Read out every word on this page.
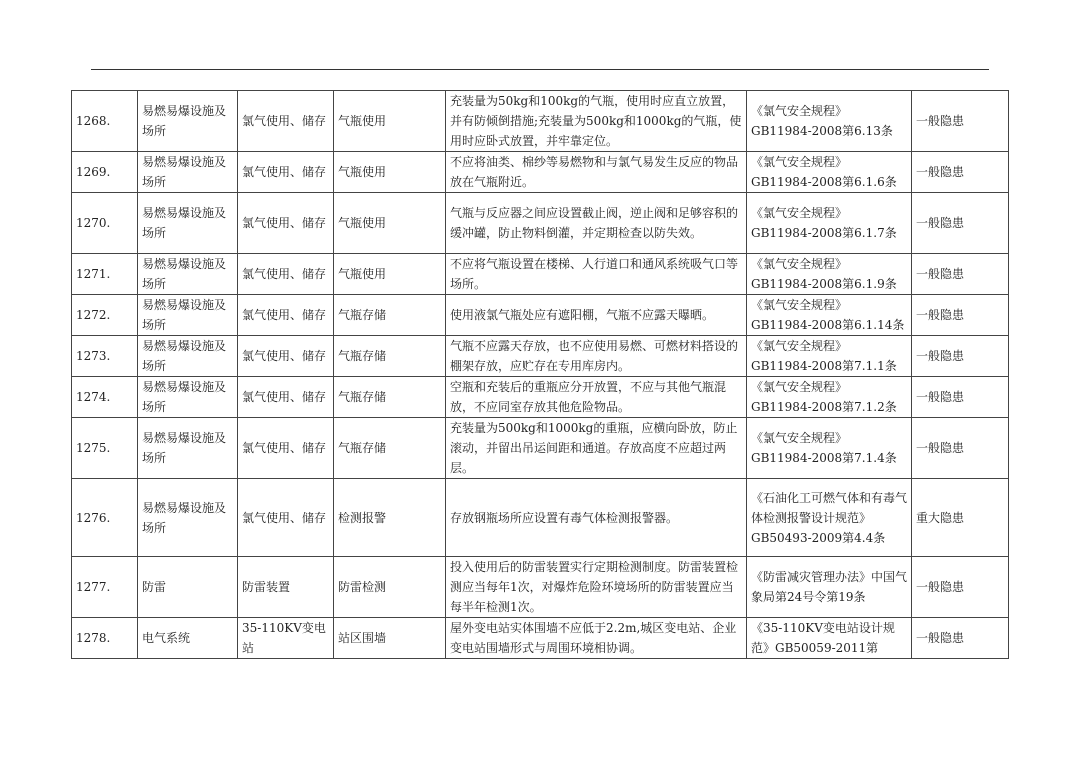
1268.	易燃易爆设施及场所	氯气使用、储存	气瓶使用	充装量为50kg和100kg的气瓶，使用时应直立放置，并有防倾倒措施;充装量为500kg和1000kg的气瓶，使用时应卧式放置，并牢靠定位。	《氯气安全规程》GB11984-2008第6.13条	一般隐患
1269.	易燃易爆设施及场所	氯气使用、储存	气瓶使用	不应将油类、棉纱等易燃物和与氯气易发生反应的物品放在气瓶附近。	《氯气安全规程》GB11984-2008第6.1.6条	一般隐患
1270.	易燃易爆设施及场所	氯气使用、储存	气瓶使用	气瓶与反应器之间应设置截止阀，逆止阀和足够容积的缓冲罐，防止物料倒灌，并定期检查以防失效。	《氯气安全规程》GB11984-2008第6.1.7条	一般隐患
1271.	易燃易爆设施及场所	氯气使用、储存	气瓶使用	不应将气瓶设置在楼梯、人行道口和通风系统吸气口等场所。	《氯气安全规程》GB11984-2008第6.1.9条	一般隐患
1272.	易燃易爆设施及场所	氯气使用、储存	气瓶存储	使用液氯气瓶处应有遮阳棚，气瓶不应露天曝晒。	《氯气安全规程》GB11984-2008第6.1.14条	一般隐患
1273.	易燃易爆设施及场所	氯气使用、储存	气瓶存储	气瓶不应露天存放，也不应使用易燃、可燃材料搭设的棚架存放，应贮存在专用库房内。	《氯气安全规程》GB11984-2008第7.1.1条	一般隐患
1274.	易燃易爆设施及场所	氯气使用、储存	气瓶存储	空瓶和充装后的重瓶应分开放置，不应与其他气瓶混放，不应同室存放其他危险物品。	《氯气安全规程》GB11984-2008第7.1.2条	一般隐患
1275.	易燃易爆设施及场所	氯气使用、储存	气瓶存储	充装量为500kg和1000kg的重瓶，应横向卧放，防止滚动，并留出吊运间距和通道。存放高度不应超过两层。	《氯气安全规程》GB11984-2008第7.1.4条	一般隐患
1276.	易燃易爆设施及场所	氯气使用、储存	检测报警	存放钢瓶场所应设置有毒气体检测报警器。	《石油化工可燃气体和有毒气体检测报警设计规范》GB50493-2009第4.4条	重大隐患
1277.	防雷	防雷装置	防雷检测	投入使用后的防雷装置实行定期检测制度。防雷装置检测应当每年1次，对爆炸危险环境场所的防雷装置应当每半年检测1次。	《防雷减灾管理办法》中国气象局第24号令第19条	一般隐患
1278.	电气系统	35-110KV变电站	站区围墙	屋外变电站实体围墙不应低于2.2m,城区变电站、企业变电站围墙形式与周围环境相协调。	《35-110KV变电站设计规范》GB50059-2011第	一般隐患
